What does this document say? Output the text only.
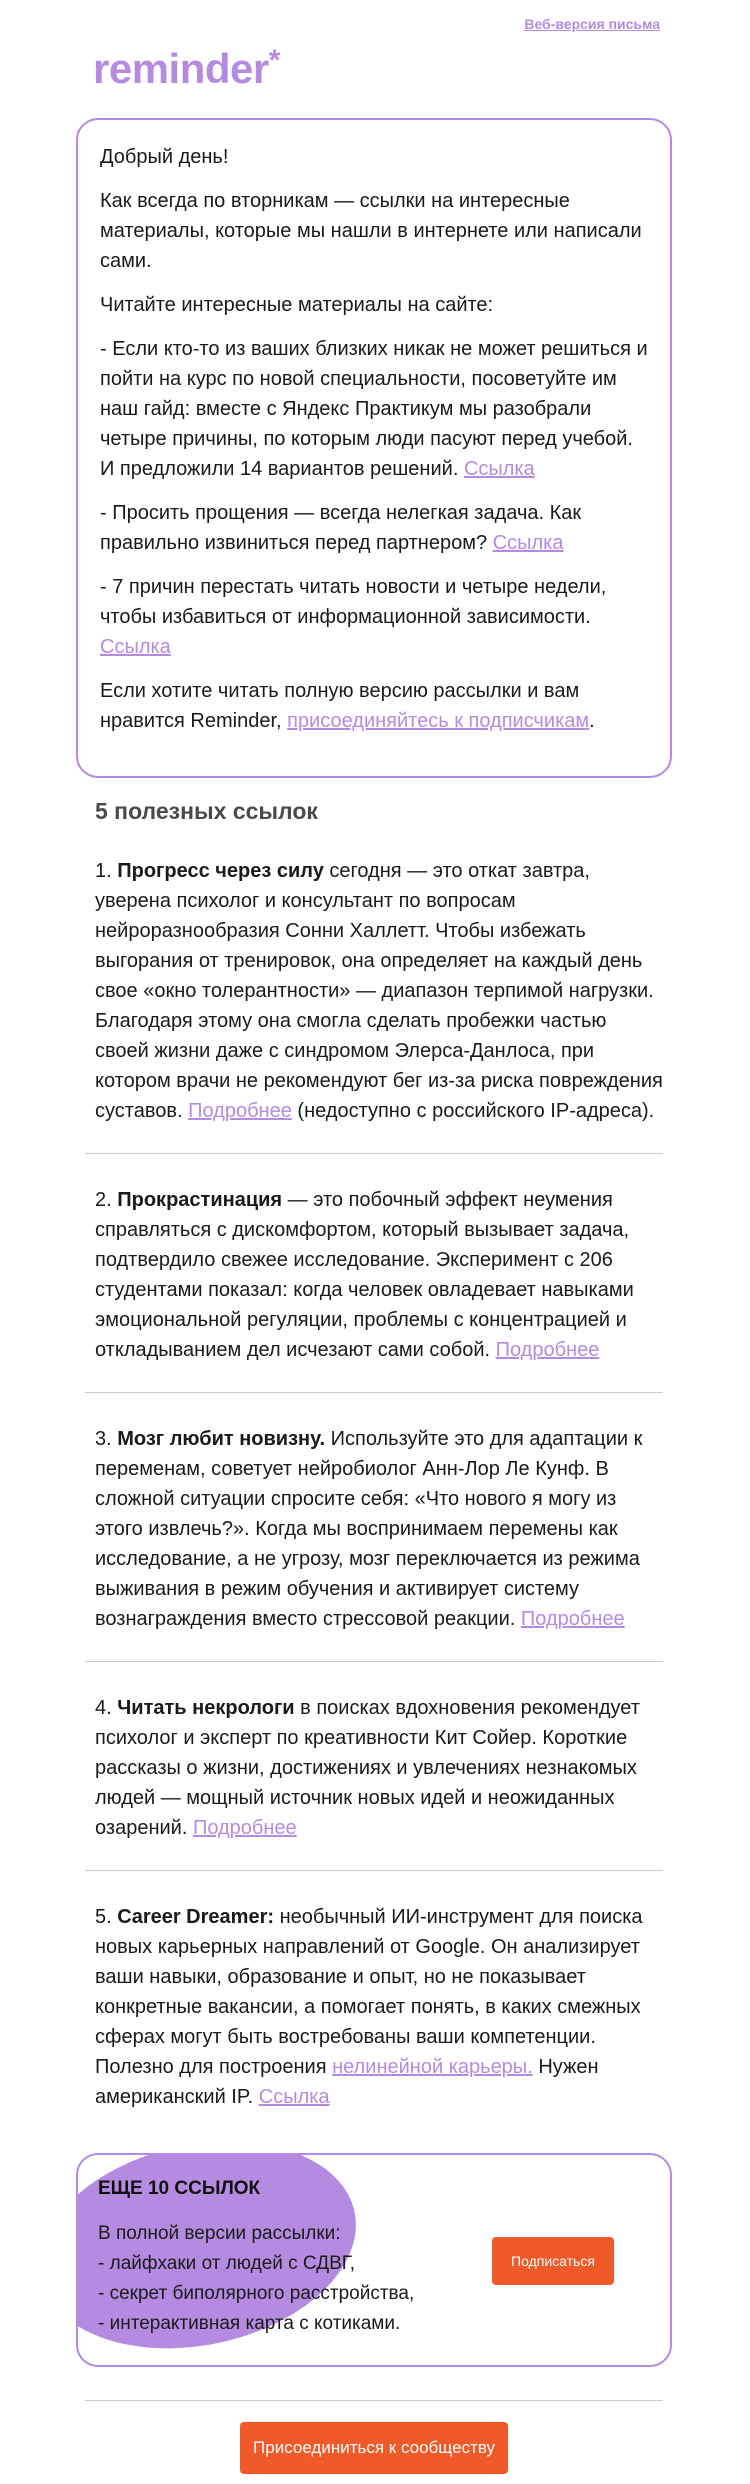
Веб-версия письма
reminder*

Добрый день!

Как всегда по вторникам — ссылки на интересные материалы, которые мы нашли в интернете или написали сами.

Читайте интересные материалы на сайте:

- Если кто-то из ваших близких никак не может решиться и пойти на курс по новой специальности, посоветуйте им наш гайд: вместе с Яндекс Практикум мы разобрали четыре причины, по которым люди пасуют перед учебой. И предложили 14 вариантов решений. Ссылка

- Просить прощения — всегда нелегкая задача. Как правильно извиниться перед партнером? Ссылка

- 7 причин перестать читать новости и четыре недели, чтобы избавиться от информационной зависимости. Ссылка

Если хотите читать полную версию рассылки и вам нравится Reminder, присоединяйтесь к подписчикам.

5 полезных ссылок

1. Прогресс через силу сегодня — это откат завтра, уверена психолог и консультант по вопросам нейроразнообразия Сонни Халлетт. Чтобы избежать выгорания от тренировок, она определяет на каждый день свое «окно толерантности» — диапазон терпимой нагрузки. Благодаря этому она смогла сделать пробежки частью своей жизни даже с синдромом Элерса-Данлоса, при котором врачи не рекомендуют бег из-за риска повреждения суставов. Подробнее (недоступно с российского IP-адреса).

2. Прокрастинация — это побочный эффект неумения справляться с дискомфортом, который вызывает задача, подтвердило свежее исследование. Эксперимент с 206 студентами показал: когда человек овладевает навыками эмоциональной регуляции, проблемы с концентрацией и откладыванием дел исчезают сами собой. Подробнее

3. Мозг любит новизну. Используйте это для адаптации к переменам, советует нейробиолог Анн-Лор Ле Кунф. В сложной ситуации спросите себя: «Что нового я могу из этого извлечь?». Когда мы воспринимаем перемены как исследование, а не угрозу, мозг переключается из режима выживания в режим обучения и активирует систему вознаграждения вместо стрессовой реакции. Подробнее

4. Читать некрологи в поисках вдохновения рекомендует психолог и эксперт по креативности Кит Сойер. Короткие рассказы о жизни, достижениях и увлечениях незнакомых людей — мощный источник новых идей и неожиданных озарений. Подробнее

5. Career Dreamer: необычный ИИ-инструмент для поиска новых карьерных направлений от Google. Он анализирует ваши навыки, образование и опыт, но не показывает конкретные вакансии, а помогает понять, в каких смежных сферах могут быть востребованы ваши компетенции. Полезно для построения нелинейной карьеры. Нужен американский IP. Ссылка

ЕЩЕ 10 ССЫЛОК
В полной версии рассылки:
- лайфхаки от людей с СДВГ,
- секрет биполярного расстройства,
- интерактивная карта с котиками.
Подписаться
Присоединиться к сообществу
